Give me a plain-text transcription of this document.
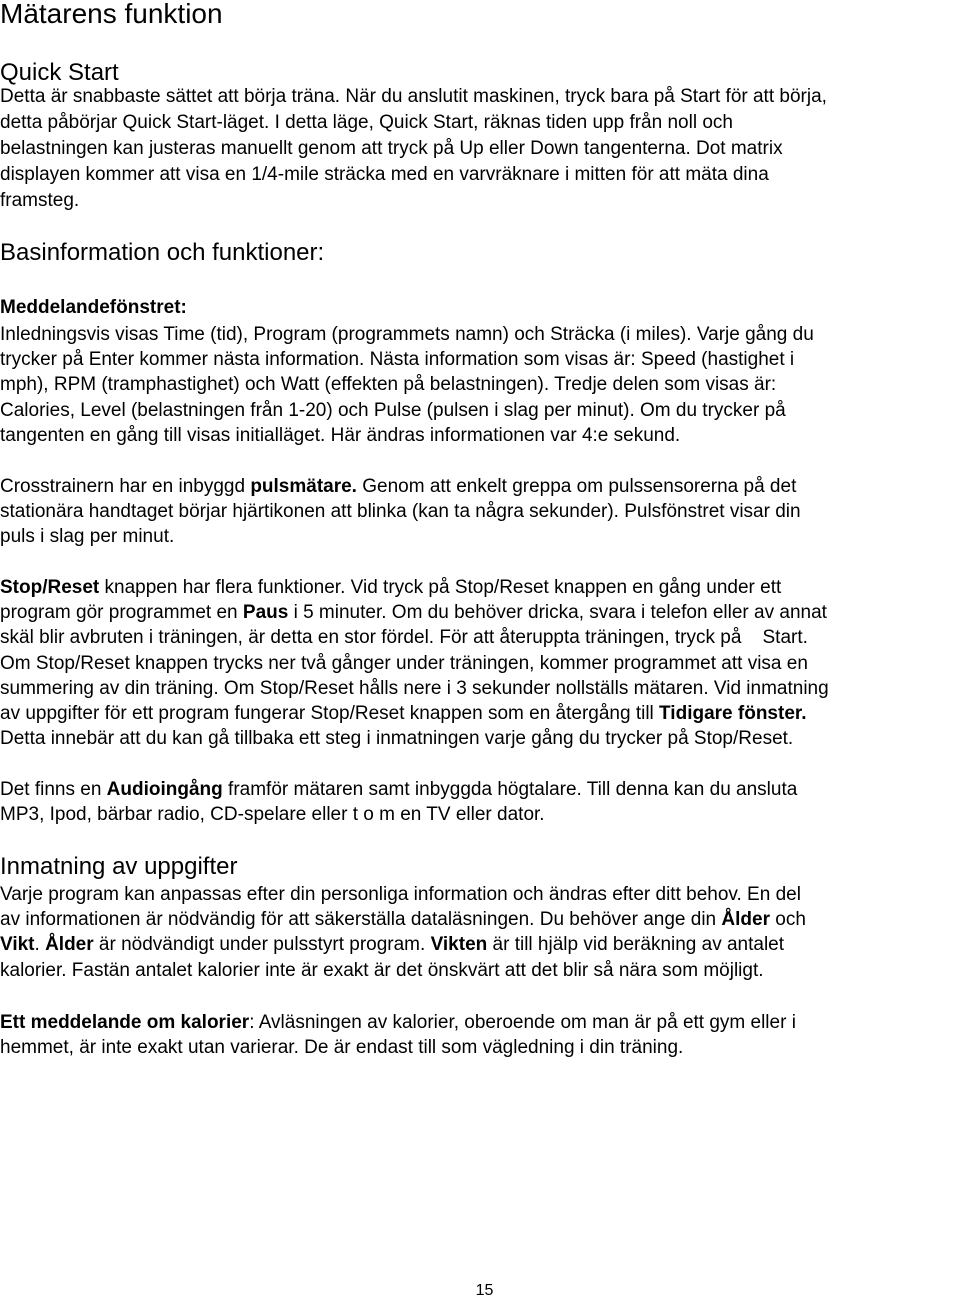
Mätarens funktion
Quick Start

Detta är snabbaste sättet att börja träna. När du anslutit maskinen, tryck bara på Start för att börja,
detta påbörjar Quick Start-läget. I detta läge, Quick Start, räknas tiden upp från noll och
belastningen kan justeras manuellt genom att tryck på Up eller Down tangenterna. Dot matrix
displayen kommer att visa en 1/4-mile sträcka med en varvräknare i mitten för att mäta dina
framsteg.

Basinformation och funktioner:
Meddelandefönstret:

Inledningsvis visas Time (tid), Program (programmets namn) och Sträcka (i miles). Varje gång du
trycker på Enter kommer nästa information. Nästa information som visas är: Speed (hastighet i
mph), RPM (tramphastighet) och Watt (effekten på belastningen). Tredje delen som visas är:
Calories, Level (belastningen från 1-20) och Pulse (pulsen i slag per minut). Om du trycker på
tangenten en gång till visas initialläget. Här ändras informationen var 4:e sekund.

Crosstrainern har en inbyggd pulsmätare. Genom att enkelt greppa om pulssensorerna på det
stationära handtaget börjar hjärtikonen att blinka (kan ta några sekunder). Pulsfönstret visar din
puls i slag per minut.

Stop/Reset knappen har flera funktioner. Vid tryck på Stop/Reset knappen en gång under ett
program gör programmet en Paus i 5 minuter. Om du behöver dricka, svara i telefon eller av annat
skäl blir avbruten i träningen, är detta en stor fördel. För att återuppta träningen, tryck på    Start.
Om Stop/Reset knappen trycks ner två gånger under träningen, kommer programmet att visa en
summering av din träning. Om Stop/Reset hålls nere i 3 sekunder nollställs mätaren. Vid inmatning
av uppgifter för ett program fungerar Stop/Reset knappen som en återgång till Tidigare fönster.
Detta innebär att du kan gå tillbaka ett steg i inmatningen varje gång du trycker på Stop/Reset.

Det finns en Audioingång framför mätaren samt inbyggda högtalare. Till denna kan du ansluta
MP3, Ipod, bärbar radio, CD-spelare eller t o m en TV eller dator.

Inmatning av uppgifter

Varje program kan anpassas efter din personliga information och ändras efter ditt behov. En del
av informationen är nödvändig för att säkerställa dataläsningen. Du behöver ange din Ålder och
Vikt. Ålder är nödvändigt under pulsstyrt program. Vikten är till hjälp vid beräkning av antalet
kalorier. Fastän antalet kalorier inte är exakt är det önskvärt att det blir så nära som möjligt.

Ett meddelande om kalorier: Avläsningen av kalorier, oberoende om man är på ett gym eller i
hemmet, är inte exakt utan varierar. De är endast till som vägledning i din träning.

15
